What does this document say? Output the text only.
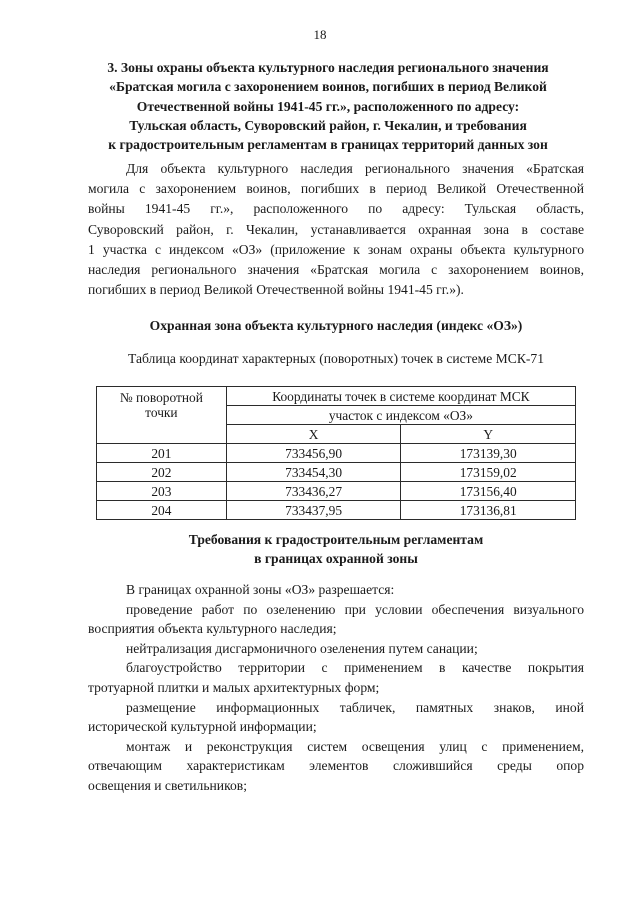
18
3. Зоны охраны объекта культурного наследия регионального значения
«Братская могила с захоронением воинов, погибших в период Великой
Отечественной войны 1941-45 гг.», расположенного по адресу:
Тульская область, Суворовский район, г. Чекалин, и требования
к градостроительным регламентам в границах территорий данных зон
Для объекта культурного наследия регионального значения «Братская
могила с захоронением воинов, погибших в период Великой Отечественной
войны 1941-45 гг.», расположенного по адресу: Тульская область,
Суворовский район, г. Чекалин, устанавливается охранная зона в составе
1 участка с индексом «ОЗ» (приложение к зонам охраны объекта культурного
наследия регионального значения «Братская могила с захоронением воинов,
погибших в период Великой Отечественной войны 1941-45 гг.»).
Охранная зона объекта культурного наследия (индекс «ОЗ»)
Таблица координат характерных (поворотных) точек в системе МСК-71
№ поворотной
точки	Координаты точек в системе координат МСК	
	участок с индексом «ОЗ»	
	X	Y
201	733456,90	173139,30
202	733454,30	173159,02
203	733436,27	173156,40
204	733437,95	173136,81
Требования к градостроительным регламентам
в границах охранной зоны
В границах охранной зоны «ОЗ» разрешается:
проведение работ по озеленению при условии обеспечения визуального
восприятия объекта культурного наследия;
нейтрализация дисгармоничного озеленения путем санации;
благоустройство территории с применением в качестве покрытия
тротуарной плитки и малых архитектурных форм;
размещение информационных табличек, памятных знаков, иной
исторической культурной информации;
монтаж и реконструкция систем освещения улиц с применением,
отвечающим характеристикам элементов сложившийся среды опор
освещения и светильников;
